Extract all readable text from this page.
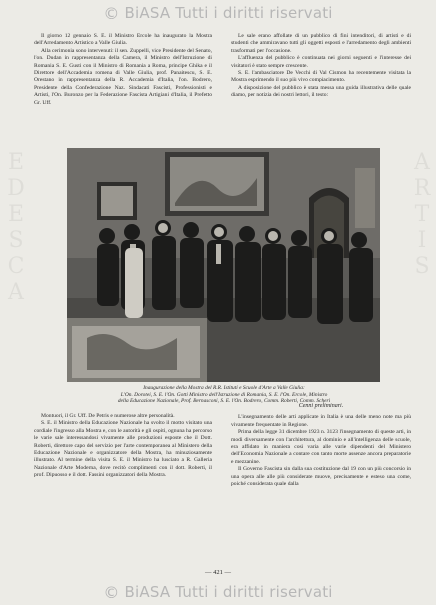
© BiASA Tutti i diritti riservati
E
D
E
S
C
A
A
R
T
I
S

Il giorno 12 gennaio S. E. il Ministro Ercole ha inaugurato la Mostra dell'Arredamento Artistico a Valle Giulia.

Alla cerimonia sono intervenuti: il sen. Zuppelli, vice Presidente del Senato, l'on. Dudan in rappresentanza della Camera, il Ministro dell'Istruzione di Romania S. E. Gusti con il Ministro di Romania a Roma, principe Ghika e il Direttore dell'Accademia romena di Valle Giulia, prof. Panaitescu, S. E. Orestano in rappresentanza della R. Accademia d'Italia, l'on. Bodrero, Presidente della Confederazione Naz. Sindacati Fascisti, Professionisti e Artisti, l'On. Buronzo per la Federazione Fascista Artigiani d'Italia, il Prefetto Gr. Uff.

Le sale erano affollate di un pubblico di fini intenditori, di artisti e di studenti che ammiravano tutti gli oggetti esposti e l'arredamento degli ambienti trasformati per l'occasione.

L'affluenza del pubblico è continuata nei giorni seguenti e l'interesse dei visitatori è stato sempre crescente.

S. E. l'ambasciatore De Vecchi di Val Cismon ha recentemente visitata la Mostra esprimendo il suo più vivo compiacimento.

A disposizione del pubblico è stata messa una guida illustrativa delle quale diamo, per notizia dei nostri lettori, il testo:

Inaugurazione della Mostra del R.R. Istituti e Scuole d'Arte a Valle Giulia:
L'On. Dorotei, S. E. l'On. Gotti Ministro dell'Istruzione di Romania, S. E. l'On. Ercole, Ministro
della Educazione Nazionale, Prof. Bernasconi, S. E. l'On. Bodrero, Comm. Roberti, Comm. Scheri

Montuori, il Gr. Uff. De Petris e numerose altre personalità.

S. E. il Ministro della Educazione Nazionale ha svolto il motto visitato una cordiale l'ingresso alla Mostra e, con le autorità e gli ospiti, ognuna ha percorso le varie sale interessandosi vivamente alle produzioni esposte che il Dott. Roberti, direttore capo del servizio per l'arte contemporanea al Ministero della Educazione Nazionale e organizzatore della Mostra, ha minuziosamente illustrato. Al termine della visita S. E. il Ministro ha lusciato a R. Galleria Nazionale d'Arte Moderna, dove recitò complimenti con il dott. Roberti, il prof. Dipuosso e il dott. Fassini organizzatori della Mostra.

Cenni preliminari.

L'insegnamento delle arti applicate in Italia è una delle meno note ma più vivamente frequentate in Regione.

Prima della legge 31 dicembre 1923 n. 3123 l'insegnamento di queste arti, in modi diversamente con l'architettura, al dominio e all'intelligenza delle scuole, era affidato in maniera così varia alle varie dipendenti del Ministero dell'Economia Nazionale a contare con tanto morte assenze ancora preparatorie e mezzanine.

Il Governo Fascista sin dalla sua costituzione dal 19 con un più concorsio in una opera alle alle più considerate muove, precisamente e esteso una come, poiché considerata quale dalla

— 421 —
© BiASA Tutti i diritti riservati
